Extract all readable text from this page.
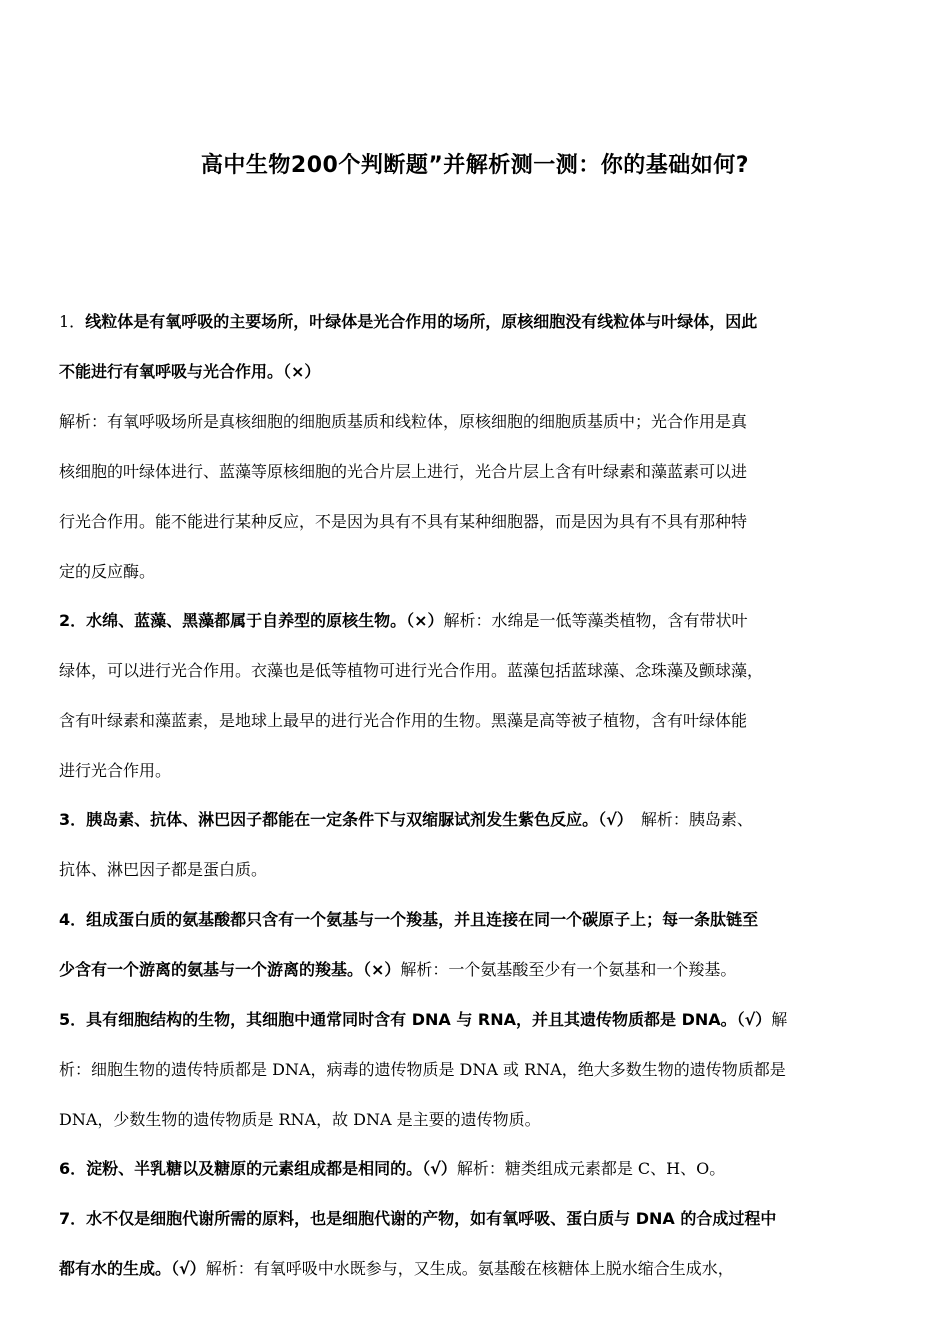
高中生物200个判断题”并解析测一测：你的基础如何?
1．线粒体是有氧呼吸的主要场所，叶绿体是光合作用的场所，原核细胞没有线粒体与叶绿体，因此
不能进行有氧呼吸与光合作用。（×）
解析：有氧呼吸场所是真核细胞的细胞质基质和线粒体，原核细胞的细胞质基质中；光合作用是真
核细胞的叶绿体进行、蓝藻等原核细胞的光合片层上进行，光合片层上含有叶绿素和藻蓝素可以进
行光合作用。能不能进行某种反应，不是因为具有不具有某种细胞器，而是因为具有不具有那种特
定的反应酶。
2．水绵、蓝藻、黑藻都属于自养型的原核生物。（×）解析：水绵是一低等藻类植物，含有带状叶
绿体，可以进行光合作用。衣藻也是低等植物可进行光合作用。蓝藻包括蓝球藻、念珠藻及颤球藻，
含有叶绿素和藻蓝素，是地球上最早的进行光合作用的生物。黑藻是高等被子植物，含有叶绿体能
进行光合作用。
3．胰岛素、抗体、淋巴因子都能在一定条件下与双缩脲试剂发生紫色反应。（√）　解析：胰岛素、
抗体、淋巴因子都是蛋白质。
4．组成蛋白质的氨基酸都只含有一个氨基与一个羧基，并且连接在同一个碳原子上；每一条肽链至
少含有一个游离的氨基与一个游离的羧基。（×）解析：一个氨基酸至少有一个氨基和一个羧基。
5．具有细胞结构的生物，其细胞中通常同时含有 DNA 与 RNA，并且其遗传物质都是 DNA。（√）解
析：细胞生物的遗传特质都是 DNA，病毒的遗传物质是 DNA 或 RNA，绝大多数生物的遗传物质都是
DNA，少数生物的遗传物质是 RNA，故 DNA 是主要的遗传物质。
6．淀粉、半乳糖以及糖原的元素组成都是相同的。（√）解析：糖类组成元素都是 C、H、O。
7．水不仅是细胞代谢所需的原料，也是细胞代谢的产物，如有氧呼吸、蛋白质与 DNA 的合成过程中
都有水的生成。（√）解析：有氧呼吸中水既参与，又生成。氨基酸在核糖体上脱水缩合生成水，
